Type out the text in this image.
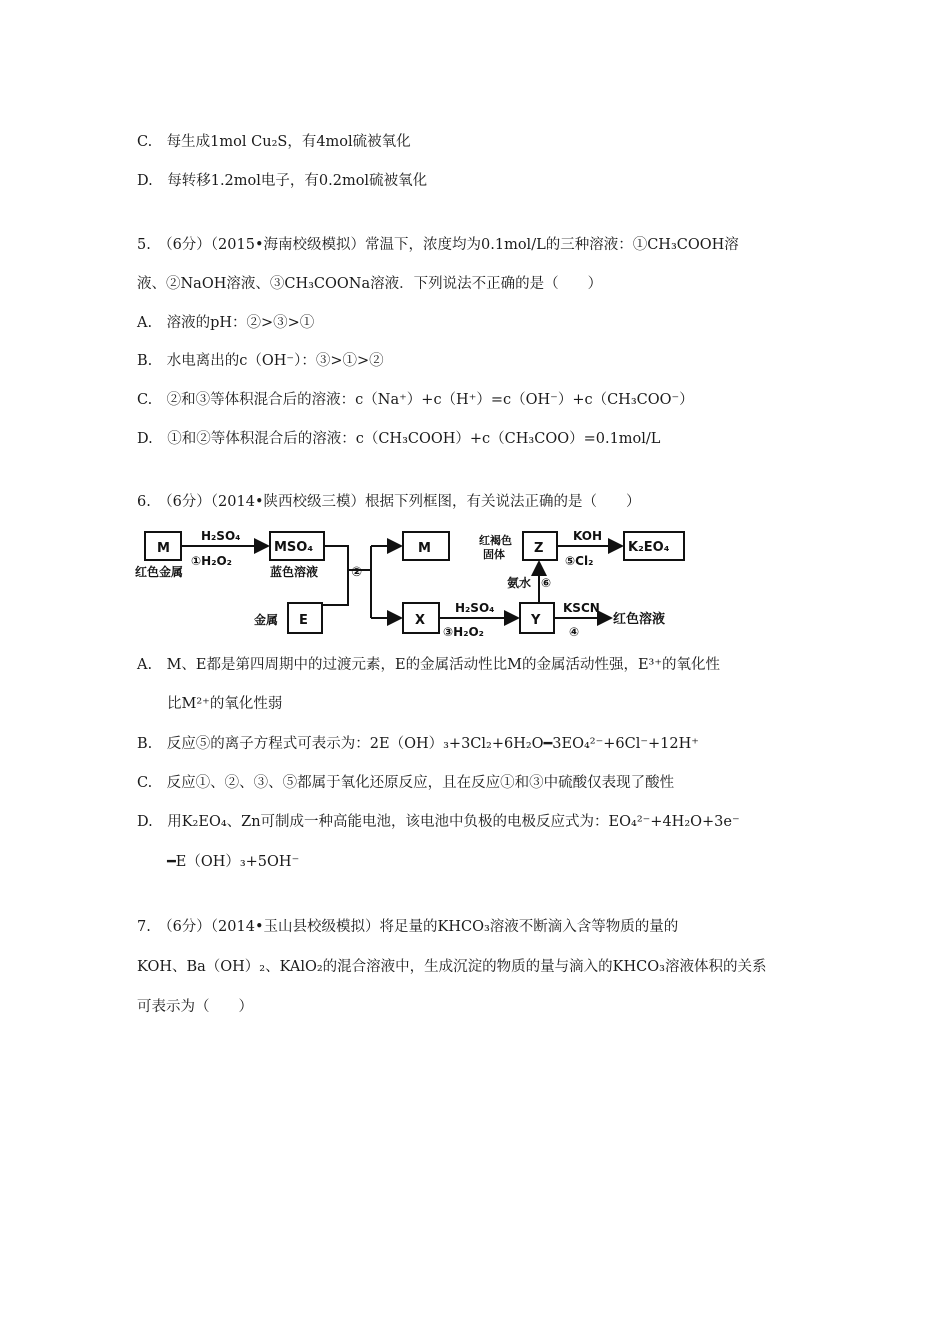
C.　每生成1mol Cu₂S，有4mol硫被氧化
D.　每转移1.2mol电子，有0.2mol硫被氧化
5.　（6分）（2015•海南校级模拟）常温下，浓度均为0.1mol/L的三种溶液：①CH₃COOH溶
液、②NaOH溶液、③CH₃COONa溶液．下列说法不正确的是（　　）
A.　溶液的pH：②>③>①
B.　水电离出的c（OH⁻）：③>①>②
C.　②和③等体积混合后的溶液：c（Na⁺）+c（H⁺）=c（OH⁻）+c（CH₃COO⁻）
D.　①和②等体积混合后的溶液：c（CH₃COOH）+c（CH₃COO）=0.1mol/L
6.　（6分）（2014•陕西校级三模）根据下列框图，有关说法正确的是（　　）
M
红色金属
H₂SO₄
①H₂O₂
MSO₄
蓝色溶液	②
M
金属 E	X
H₂SO₄
③H₂O₂
Y
KSCN
④
红色溶液
氨水 ⑥
红褐色
固体 Z
KOH
⑤Cl₂
K₂EO₄
A.　M、E都是第四周期中的过渡元素，E的金属活动性比M的金属活动性强，E³⁺的氧化性
比M²⁺的氧化性弱
B.　反应⑤的离子方程式可表示为：2E（OH）₃+3Cl₂+6H₂O━3EO₄²⁻+6Cl⁻+12H⁺
C.　反应①、②、③、⑤都属于氧化还原反应，且在反应①和③中硫酸仅表现了酸性
D.　用K₂EO₄、Zn可制成一种高能电池，该电池中负极的电极反应式为：EO₄²⁻+4H₂O+3e⁻
━E（OH）₃+5OH⁻
7.　（6分）（2014•玉山县校级模拟）将足量的KHCO₃溶液不断滴入含等物质的量的
KOH、Ba（OH）₂、KAlO₂的混合溶液中，生成沉淀的物质的量与滴入的KHCO₃溶液体积的关系
可表示为（　　）
